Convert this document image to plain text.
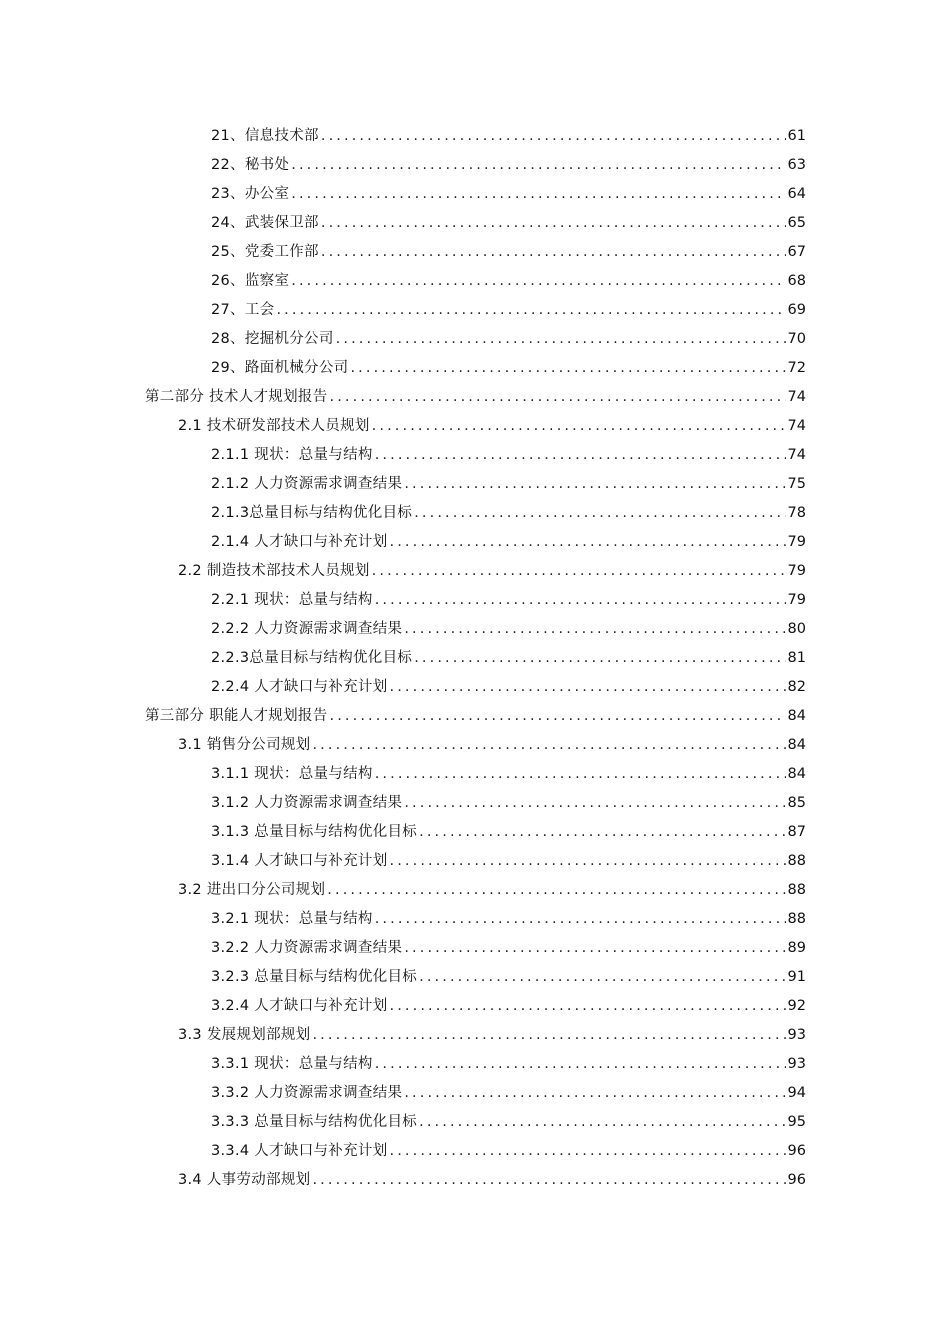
21、信息技术部 .....	61
22、秘书处 .....	63
23、办公室 .....	64
24、武装保卫部 .....	65
25、党委工作部 .....	67
26、监察室 .....	68
27、工会 .....	69
28、挖掘机分公司 .....	70
29、路面机械分公司 .....	72
第二部分 技术人才规划报告 .....	74
2.1 技术研发部技术人员规划 .....	74
2.1.1 现状：总量与结构 .....	74
2.1.2 人力资源需求调查结果 .....	75
2.1.3总量目标与结构优化目标 .....	78
2.1.4 人才缺口与补充计划 .....	79
2.2 制造技术部技术人员规划 .....	79
2.2.1 现状：总量与结构 .....	79
2.2.2 人力资源需求调查结果 .....	80
2.2.3总量目标与结构优化目标 .....	81
2.2.4 人才缺口与补充计划 .....	82
第三部分 职能人才规划报告 .....	84
3.1 销售分公司规划 .....	84
3.1.1 现状：总量与结构 .....	84
3.1.2 人力资源需求调查结果 .....	85
3.1.3 总量目标与结构优化目标 .....	87
3.1.4 人才缺口与补充计划 .....	88
3.2 进出口分公司规划 .....	88
3.2.1 现状：总量与结构 .....	88
3.2.2 人力资源需求调查结果 .....	89
3.2.3 总量目标与结构优化目标 .....	91
3.2.4 人才缺口与补充计划 .....	92
3.3 发展规划部规划 .....	93
3.3.1 现状：总量与结构 .....	93
3.3.2 人力资源需求调查结果 .....	94
3.3.3 总量目标与结构优化目标 .....	95
3.3.4 人才缺口与补充计划 .....	96
3.4 人事劳动部规划 .....	96
